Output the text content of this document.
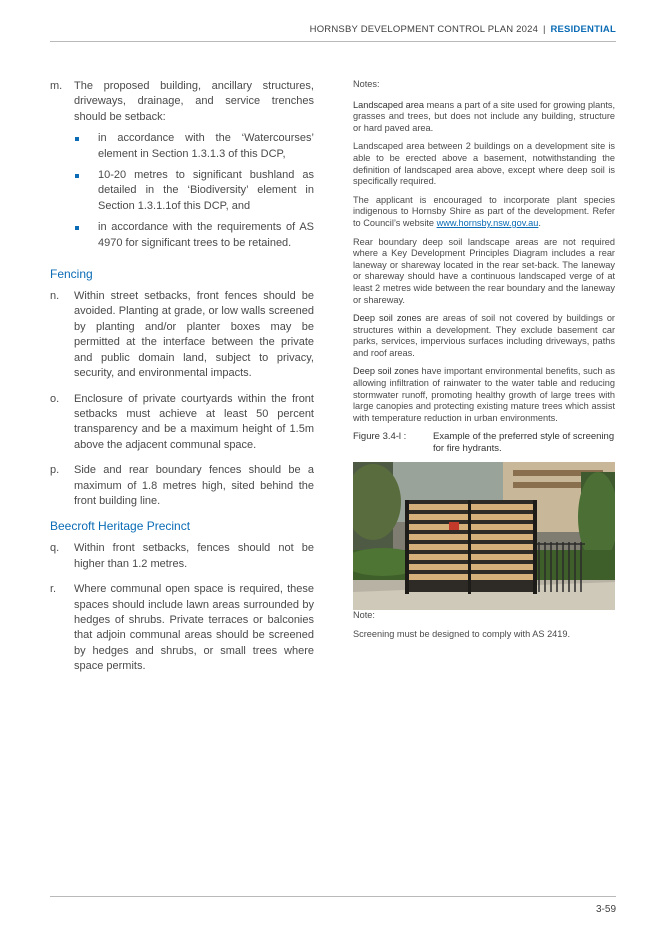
HORNSBY DEVELOPMENT CONTROL PLAN 2024 | RESIDENTIAL
m.	The proposed building, ancillary structures, driveways, drainage, and service trenches should be setback:
in accordance with the ‘Watercourses’ element in Section 1.3.1.3 of this DCP,
10-20 metres to significant bushland as detailed in the ‘Biodiversity’ element in Section 1.3.1.1of this DCP, and
in accordance with the requirements of AS 4970 for significant trees to be retained.
Fencing
n.	Within street setbacks, front fences should be avoided. Planting at grade, or low walls screened by planting and/or planter boxes may be permitted at the interface between the private and public domain land, subject to privacy, security, and environmental impacts.
o.	Enclosure of private courtyards within the front setbacks must achieve at least 50 percent transparency and be a maximum height of 1.5m above the adjacent communal space.
p.	Side and rear boundary fences should be a maximum of 1.8 metres high, sited behind the front building line.
Beecroft Heritage Precinct
q.	Within front setbacks, fences should not be higher than 1.2 metres.
r.	Where communal open space is required, these spaces should include lawn areas surrounded by hedges of shrubs. Private terraces or balconies that adjoin communal areas should be screened by hedges and shrubs, or small trees where space permits.

Notes:

Landscaped area means a part of a site used for growing plants, grasses and trees, but does not include any building, structure or hard paved area.

Landscaped area between 2 buildings on a development site is able to be erected above a basement, notwithstanding the definition of landscaped area above, except where deep soil is specifically required.

The applicant is encouraged to incorporate plant species indigenous to Hornsby Shire as part of the development. Refer to Council’s website www.hornsby.nsw.gov.au.

Rear boundary deep soil landscape areas are not required where a Key Development Principles Diagram includes a rear laneway or shareway located in the rear set-back. The laneway or shareway should have a continuous landscaped verge of at least 2 metres wide between the rear boundary and the laneway or shareway.

Deep soil zones are areas of soil not covered by buildings or structures within a development. They exclude basement car parks, services, impervious surfaces including driveways, paths and roof areas.

Deep soil zones have important environmental benefits, such as allowing infiltration of rainwater to the water table and reducing stormwater runoff, promoting healthy growth of large trees with large canopies and protecting existing mature trees which assist with temperature reduction in urban environments.

Figure 3.4-l :	Example of the preferred style of screening for fire hydrants.

Note:

Screening must be designed to comply with AS 2419.

3-59
